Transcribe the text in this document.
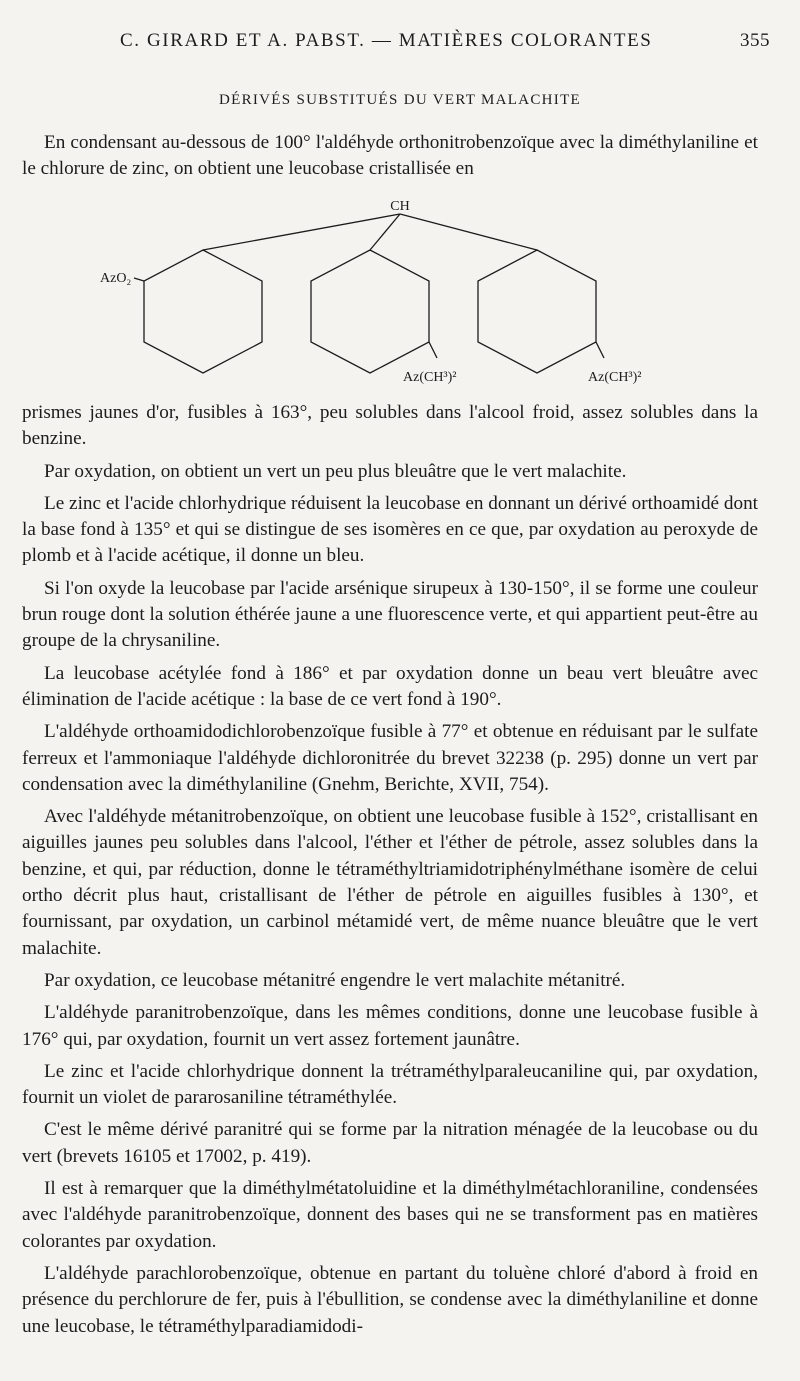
C. GIRARD ET A. PABST. — MATIÈRES COLORANTES	355
DÉRIVÉS SUBSTITUÉS DU VERT MALACHITE

En condensant au-dessous de 100° l'aldéhyde orthonitrobenzoïque avec la diméthylaniline et le chlorure de zinc, on obtient une leucobase cristallisée en

CH
AzO₂
Az(CH³)²	Az(CH³)²

prismes jaunes d'or, fusibles à 163°, peu solubles dans l'alcool froid, assez solubles dans la benzine.

Par oxydation, on obtient un vert un peu plus bleuâtre que le vert malachite.

Le zinc et l'acide chlorhydrique réduisent la leucobase en donnant un dérivé orthoamidé dont la base fond à 135° et qui se distingue de ses isomères en ce que, par oxydation au peroxyde de plomb et à l'acide acétique, il donne un bleu.

Si l'on oxyde la leucobase par l'acide arsénique sirupeux à 130-150°, il se forme une couleur brun rouge dont la solution éthérée jaune a une fluorescence verte, et qui appartient peut-être au groupe de la chrysaniline.

La leucobase acétylée fond à 186° et par oxydation donne un beau vert bleuâtre avec élimination de l'acide acétique : la base de ce vert fond à 190°.

L'aldéhyde orthoamidodichlorobenzoïque fusible à 77° et obtenue en réduisant par le sulfate ferreux et l'ammoniaque l'aldéhyde dichloronitrée du brevet 32238 (p. 295) donne un vert par condensation avec la diméthylaniline (Gnehm, Berichte, XVII, 754).

Avec l'aldéhyde métanitrobenzoïque, on obtient une leucobase fusible à 152°, cristallisant en aiguilles jaunes peu solubles dans l'alcool, l'éther et l'éther de pétrole, assez solubles dans la benzine, et qui, par réduction, donne le tétraméthyltriamidotriphénylméthane isomère de celui ortho décrit plus haut, cristallisant de l'éther de pétrole en aiguilles fusibles à 130°, et fournissant, par oxydation, un carbinol métamidé vert, de même nuance bleuâtre que le vert malachite.

Par oxydation, ce leucobase métanitré engendre le vert malachite métanitré.

L'aldéhyde paranitrobenzoïque, dans les mêmes conditions, donne une leucobase fusible à 176° qui, par oxydation, fournit un vert assez fortement jaunâtre.

Le zinc et l'acide chlorhydrique donnent la trétraméthylparaleucaniline qui, par oxydation, fournit un violet de pararosaniline tétraméthylée.

C'est le même dérivé paranitré qui se forme par la nitration ménagée de la leucobase ou du vert (brevets 16105 et 17002, p. 419).

Il est à remarquer que la diméthylmétatoluidine et la diméthylmétachloraniline, condensées avec l'aldéhyde paranitrobenzoïque, donnent des bases qui ne se transforment pas en matières colorantes par oxydation.

L'aldéhyde parachlorobenzoïque, obtenue en partant du toluène chloré d'abord à froid en présence du perchlorure de fer, puis à l'ébullition, se condense avec la diméthylaniline et donne une leucobase, le tétraméthylparadiamidodi-
